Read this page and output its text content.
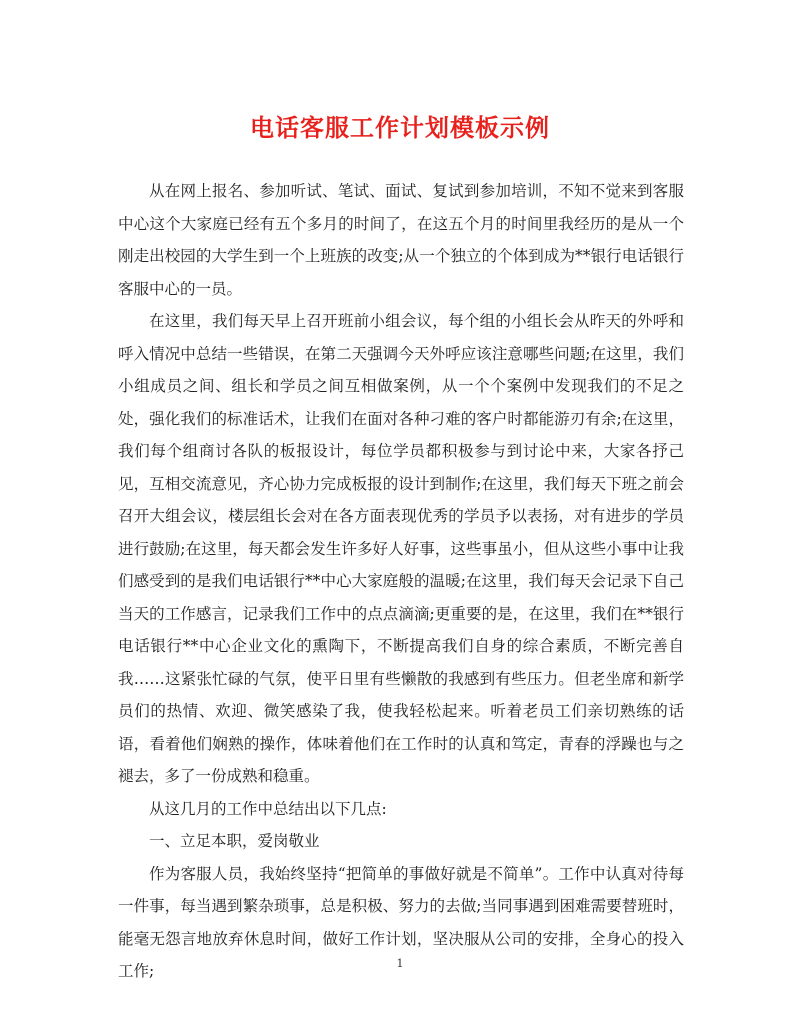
电话客服工作计划模板示例

从在网上报名、参加听试、笔试、面试、复试到参加培训，不知不觉来到客服中心这个大家庭已经有五个多月的时间了，在这五个月的时间里我经历的是从一个刚走出校园的大学生到一个上班族的改变;从一个独立的个体到成为**银行电话银行客服中心的一员。

在这里，我们每天早上召开班前小组会议，每个组的小组长会从昨天的外呼和呼入情况中总结一些错误，在第二天强调今天外呼应该注意哪些问题;在这里，我们小组成员之间、组长和学员之间互相做案例，从一个个案例中发现我们的不足之处，强化我们的标准话术，让我们在面对各种刁难的客户时都能游刃有余;在这里，我们每个组商讨各队的板报设计，每位学员都积极参与到讨论中来，大家各抒己见，互相交流意见，齐心协力完成板报的设计到制作;在这里，我们每天下班之前会召开大组会议，楼层组长会对在各方面表现优秀的学员予以表扬，对有进步的学员进行鼓励;在这里，每天都会发生许多好人好事，这些事虽小，但从这些小事中让我们感受到的是我们电话银行**中心大家庭般的温暖;在这里，我们每天会记录下自己当天的工作感言，记录我们工作中的点点滴滴;更重要的是，在这里，我们在**银行电话银行**中心企业文化的熏陶下，不断提高我们自身的综合素质，不断完善自我……这紧张忙碌的气氛，使平日里有些懒散的我感到有些压力。但老坐席和新学员们的热情、欢迎、微笑感染了我，使我轻松起来。听着老员工们亲切熟练的话语，看着他们娴熟的操作，体味着他们在工作时的认真和笃定，青春的浮躁也与之褪去，多了一份成熟和稳重。

从这几月的工作中总结出以下几点:

一、立足本职，爱岗敬业

作为客服人员，我始终坚持“把简单的事做好就是不简单”。工作中认真对待每一件事，每当遇到繁杂琐事，总是积极、努力的去做;当同事遇到困难需要替班时，能毫无怨言地放弃休息时间，做好工作计划，坚决服从公司的安排，全身心的投入工作;	1
